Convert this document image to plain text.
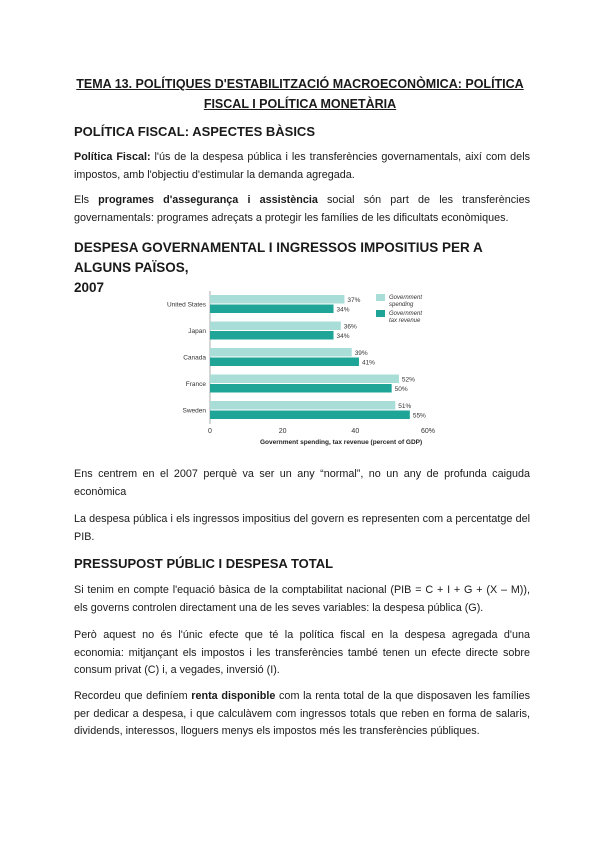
TEMA 13. POLÍTIQUES D'ESTABILITZACIÓ MACROECONÒMICA: POLÍTICA
FISCAL I POLÍTICA MONETÀRIA
POLÍTICA FISCAL: ASPECTES BÀSICS
Política Fiscal: l'ús de la despesa pública i les transferències governamentals, així com dels impostos, amb l'objectiu d'estimular la demanda agregada.
Els programes d'assegurança i assistència social són part de les transferències governamentals: programes adreçats a protegir les famílies de les dificultats econòmiques.
DESPESA GOVERNAMENTAL I INGRESSOS IMPOSITIUS PER A ALGUNS PAÏSOS,
2007
United States
37%
34%
Japan
36%
34%
Canada
39%
41%
France
52%
50%
Sweden
51%
55%
0	20	40	60%
Government spending, tax revenue (percent of GDP)
Government
spending
Government
tax revenue
Ens centrem en el 2007 perquè va ser un any “normal”, no un any de profunda caiguda econòmica
La despesa pública i els ingressos impositius del govern es representen com a percentatge del PIB.
PRESSUPOST PÚBLIC I DESPESA TOTAL
Si tenim en compte l'equació bàsica de la comptabilitat nacional (PIB = C + I + G + (X – M)), els governs controlen directament una de les seves variables: la despesa pública (G).
Però aquest no és l'únic efecte que té la política fiscal en la despesa agregada d'una economia: mitjançant els impostos i les transferències també tenen un efecte directe sobre consum privat (C) i, a vegades, inversió (I).
Recordeu que definíem renta disponible com la renta total de la que disposaven les famílies per dedicar a despesa, i que calculàvem com ingressos totals que reben en forma de salaris, dividends, interessos, lloguers menys els impostos més les transferències públiques.
